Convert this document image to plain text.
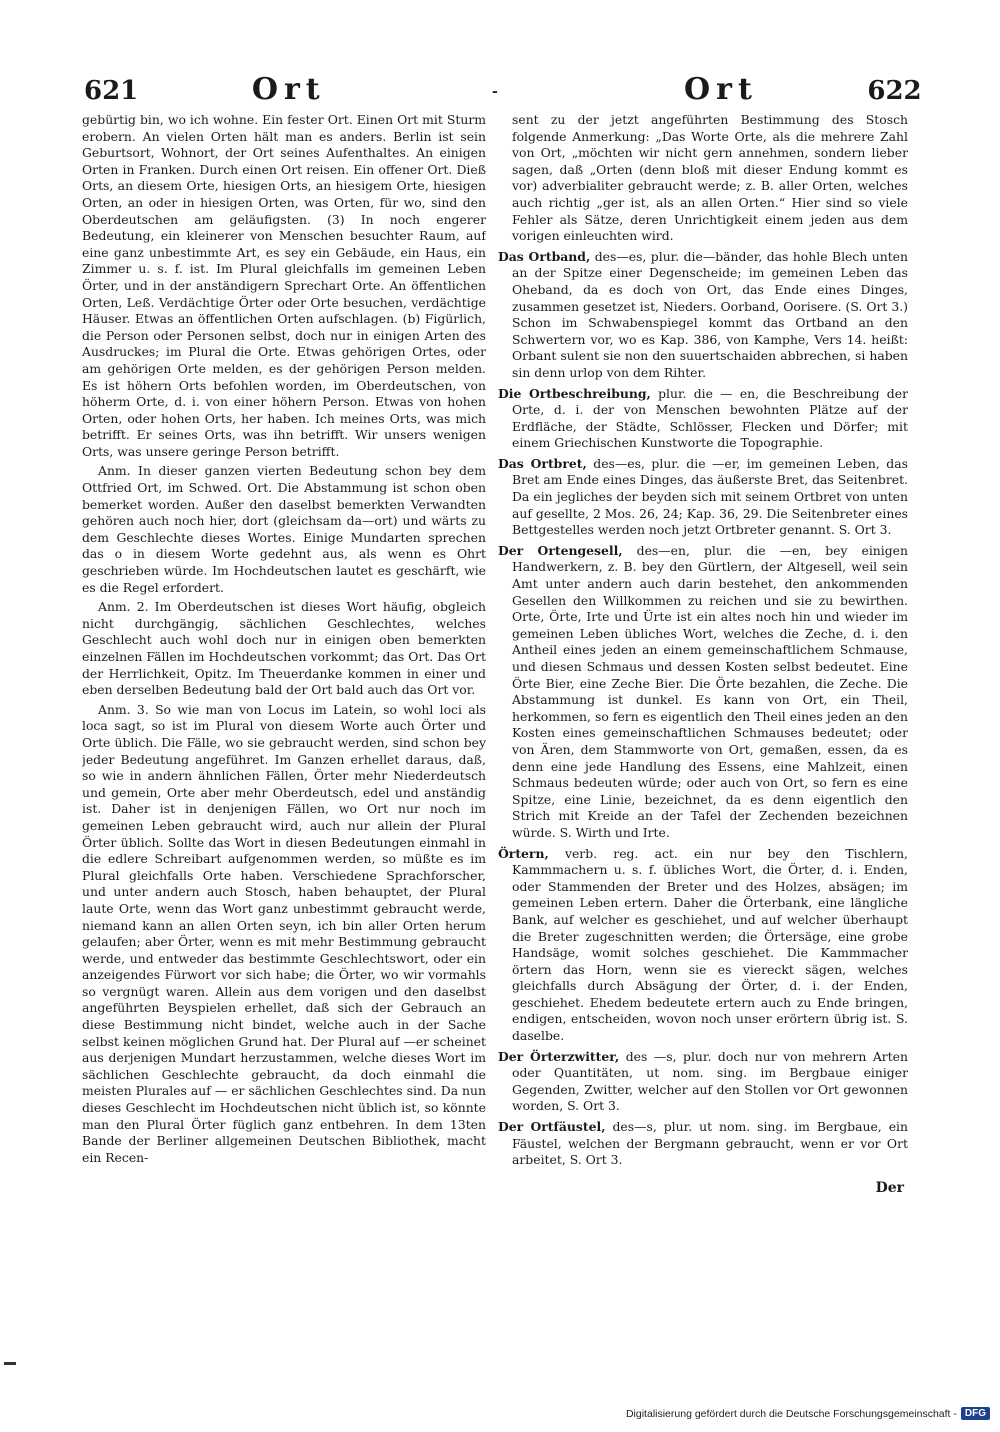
621	Ort	-	Ort	622

gebürtig bin, wo ich wohne. Ein fester Ort. Einen Ort mit Sturm erobern. An vielen Orten hält man es anders. Berlin ist sein Geburtsort, Wohnort, der Ort seines Aufenthaltes. An einigen Orten in Franken. Durch einen Ort reisen. Ein offener Ort. Dieß Orts, an diesem Orte, hiesigen Orts, an hiesigem Orte, hiesigen Orten, an oder in hiesigen Orten, was Orten, für wo, sind den Oberdeutschen am geläufigsten. (3) In noch engerer Bedeutung, ein kleinerer von Menschen besuchter Raum, auf eine ganz unbestimmte Art, es sey ein Gebäude, ein Haus, ein Zimmer u. s. f. ist. Im Plural gleichfalls im gemeinen Leben Örter, und in der anständigern Sprechart Orte. An öffentlichen Orten, Leß. Verdächtige Örter oder Orte besuchen, verdächtige Häuser. Etwas an öffentlichen Orten aufschlagen. (b) Figürlich, die Person oder Personen selbst, doch nur in einigen Arten des Ausdruckes; im Plural die Orte. Etwas gehörigen Ortes, oder am gehörigen Orte melden, es der gehörigen Person melden. Es ist höhern Orts befohlen worden, im Oberdeutschen, von höherm Orte, d. i. von einer höhern Person. Etwas von hohen Orten, oder hohen Orts, her haben. Ich meines Orts, was mich betrifft. Er seines Orts, was ihn betrifft. Wir unsers wenigen Orts, was unsere geringe Person betrifft.

Anm. In dieser ganzen vierten Bedeutung schon bey dem Ottfried Ort, im Schwed. Ort. Die Abstammung ist schon oben bemerket worden. Außer den daselbst bemerkten Verwandten gehören auch noch hier, dort (gleichsam da—ort) und wärts zu dem Geschlechte dieses Wortes. Einige Mundarten sprechen das o in diesem Worte gedehnt aus, als wenn es Ohrt geschrieben würde. Im Hochdeutschen lautet es geschärft, wie es die Regel erfordert.

Anm. 2. Im Oberdeutschen ist dieses Wort häufig, obgleich nicht durchgängig, sächlichen Geschlechtes, welches Geschlecht auch wohl doch nur in einigen oben bemerkten einzelnen Fällen im Hochdeutschen vorkommt; das Ort. Das Ort der Herrlichkeit, Opitz. Im Theuerdanke kommen in einer und eben derselben Bedeutung bald der Ort bald auch das Ort vor.

Anm. 3. So wie man von Locus im Latein, so wohl loci als loca sagt, so ist im Plural von diesem Worte auch Örter und Orte üblich. Die Fälle, wo sie gebraucht werden, sind schon bey jeder Bedeutung angeführet. Im Ganzen erhellet daraus, daß, so wie in andern ähnlichen Fällen, Örter mehr Niederdeutsch und gemein, Orte aber mehr Oberdeutsch, edel und anständig ist. Daher ist in denjenigen Fällen, wo Ort nur noch im gemeinen Leben gebraucht wird, auch nur allein der Plural Örter üblich. Sollte das Wort in diesen Bedeutungen einmahl in die edlere Schreibart aufgenommen werden, so müßte es im Plural gleichfalls Orte haben. Verschiedene Sprachforscher, und unter andern auch Stosch, haben behauptet, der Plural laute Orte, wenn das Wort ganz unbestimmt gebraucht werde, niemand kann an allen Orten seyn, ich bin aller Orten herum gelaufen; aber Örter, wenn es mit mehr Bestimmung gebraucht werde, und entweder das bestimmte Geschlechtswort, oder ein anzeigendes Fürwort vor sich habe; die Örter, wo wir vormahls so vergnügt waren. Allein aus dem vorigen und den daselbst angeführten Beyspielen erhellet, daß sich der Gebrauch an diese Bestimmung nicht bindet, welche auch in der Sache selbst keinen möglichen Grund hat. Der Plural auf —er scheinet aus derjenigen Mundart herzustammen, welche dieses Wort im sächlichen Geschlechte gebraucht, da doch einmahl die meisten Plurales auf — er sächlichen Geschlechtes sind. Da nun dieses Geschlecht im Hochdeutschen nicht üblich ist, so könnte man den Plural Örter füglich ganz entbehren. In dem 13ten Bande der Berliner allgemeinen Deutschen Bibliothek, macht ein Recen-

sent zu der jetzt angeführten Bestimmung des Stosch folgende Anmerkung: „Das Worte Orte, als die mehrere Zahl von Ort, „möchten wir nicht gern annehmen, sondern lieber sagen, daß „Orten (denn bloß mit dieser Endung kommt es vor) adverbialiter gebraucht werde; z. B. aller Orten, welches auch richtig „ger ist, als an allen Orten.“ Hier sind so viele Fehler als Sätze, deren Unrichtigkeit einem jeden aus dem vorigen einleuchten wird.

Das Ortband, des—es, plur. die—bänder, das hohle Blech unten an der Spitze einer Degenscheide; im gemeinen Leben das Oheband, da es doch von Ort, das Ende eines Dinges, zusammen gesetzet ist, Nieders. Oorband, Oorisere. (S. Ort 3.) Schon im Schwabenspiegel kommt das Ortband an den Schwertern vor, wo es Kap. 386, von Kamphe, Vers 14. heißt: Orbant sulent sie non den suuertschaiden abbrechen, si haben sin denn urlop von dem Rihter.

Die Ortbeschreibung, plur. die — en, die Beschreibung der Orte, d. i. der von Menschen bewohnten Plätze auf der Erdfläche, der Städte, Schlösser, Flecken und Dörfer; mit einem Griechischen Kunstworte die Topographie.

Das Ortbret, des—es, plur. die —er, im gemeinen Leben, das Bret am Ende eines Dinges, das äußerste Bret, das Seitenbret. Da ein jegliches der beyden sich mit seinem Ortbret von unten auf gesellte, 2 Mos. 26, 24; Kap. 36, 29. Die Seitenbreter eines Bettgestelles werden noch jetzt Ortbreter genannt. S. Ort 3.

Der Ortengesell, des—en, plur. die —en, bey einigen Handwerkern, z. B. bey den Gürtlern, der Altgesell, weil sein Amt unter andern auch darin bestehet, den ankommenden Gesellen den Willkommen zu reichen und sie zu bewirthen. Orte, Örte, Irte und Ürte ist ein altes noch hin und wieder im gemeinen Leben übliches Wort, welches die Zeche, d. i. den Antheil eines jeden an einem gemeinschaftlichem Schmause, und diesen Schmaus und dessen Kosten selbst bedeutet. Eine Örte Bier, eine Zeche Bier. Die Örte bezahlen, die Zeche. Die Abstammung ist dunkel. Es kann von Ort, ein Theil, herkommen, so fern es eigentlich den Theil eines jeden an den Kosten eines gemeinschaftlichen Schmauses bedeutet; oder von Ären, dem Stammworte von Ort, gemaßen, essen, da es denn eine jede Handlung des Essens, eine Mahlzeit, einen Schmaus bedeuten würde; oder auch von Ort, so fern es eine Spitze, eine Linie, bezeichnet, da es denn eigentlich den Strich mit Kreide an der Tafel der Zechenden bezeichnen würde. S. Wirth und Irte.

Örtern, verb. reg. act. ein nur bey den Tischlern, Kammmachern u. s. f. übliches Wort, die Örter, d. i. Enden, oder Stammenden der Breter und des Holzes, absägen; im gemeinen Leben ertern. Daher die Örterbank, eine längliche Bank, auf welcher es geschiehet, und auf welcher überhaupt die Breter zugeschnitten werden; die Örtersäge, eine grobe Handsäge, womit solches geschiehet. Die Kammmacher örtern das Horn, wenn sie es viereckt sägen, welches gleichfalls durch Absägung der Örter, d. i. der Enden, geschiehet. Ehedem bedeutete ertern auch zu Ende bringen, endigen, entscheiden, wovon noch unser erörtern übrig ist. S. daselbe.

Der Örterzwitter, des —s, plur. doch nur von mehrern Arten oder Quantitäten, ut nom. sing. im Bergbaue einiger Gegenden, Zwitter, welcher auf den Stollen vor Ort gewonnen worden, S. Ort 3.

Der Ortfäustel, des—s, plur. ut nom. sing. im Bergbaue, ein Fäustel, welchen der Bergmann gebraucht, wenn er vor Ort arbeitet, S. Ort 3.

Der
Digitalisierung gefördert durch die Deutsche Forschungsgemeinschaft - DFG
